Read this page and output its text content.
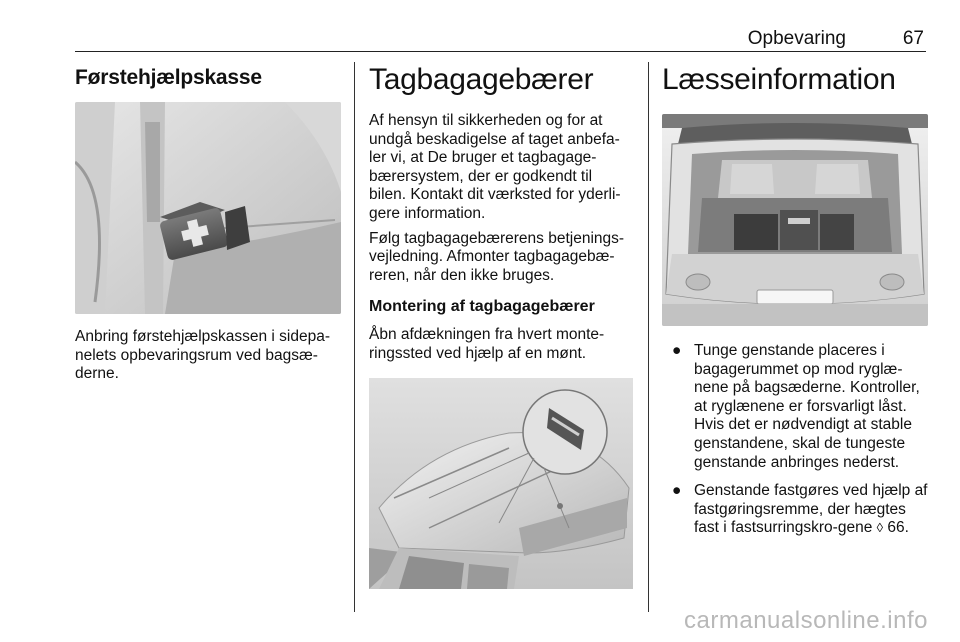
Opbevaring	67
Førstehjælpskasse

Anbring førstehjælpskassen i sidepa-nelets opbevaringsrum ved bagsæ-derne.

Tagbagagebærer

Af hensyn til sikkerheden og for at undgå beskadigelse af taget anbefa-ler vi, at De bruger et tagbagage-bærersystem, der er godkendt til bilen. Kontakt dit værksted for yderli-gere information.

Følg tagbagagebærerens betjenings-vejledning. Afmonter tagbagagebæ-reren, når den ikke bruges.

Montering af tagbagagebærer

Åbn afdækningen fra hvert monte-ringssted ved hjælp af en mønt.

Læsseinformation
● Tunge genstande placeres i bagagerummet op mod ryglæ-nene på bagsæderne. Kontroller, at ryglænene er forsvarligt låst. Hvis det er nødvendigt at stable genstandene, skal de tungeste genstande anbringes nederst.
● Genstande fastgøres ved hjælp af fastgøringsremme, der hægtes fast i fastsurringskro-gene ◊ 66.
carmanualsonline.info
